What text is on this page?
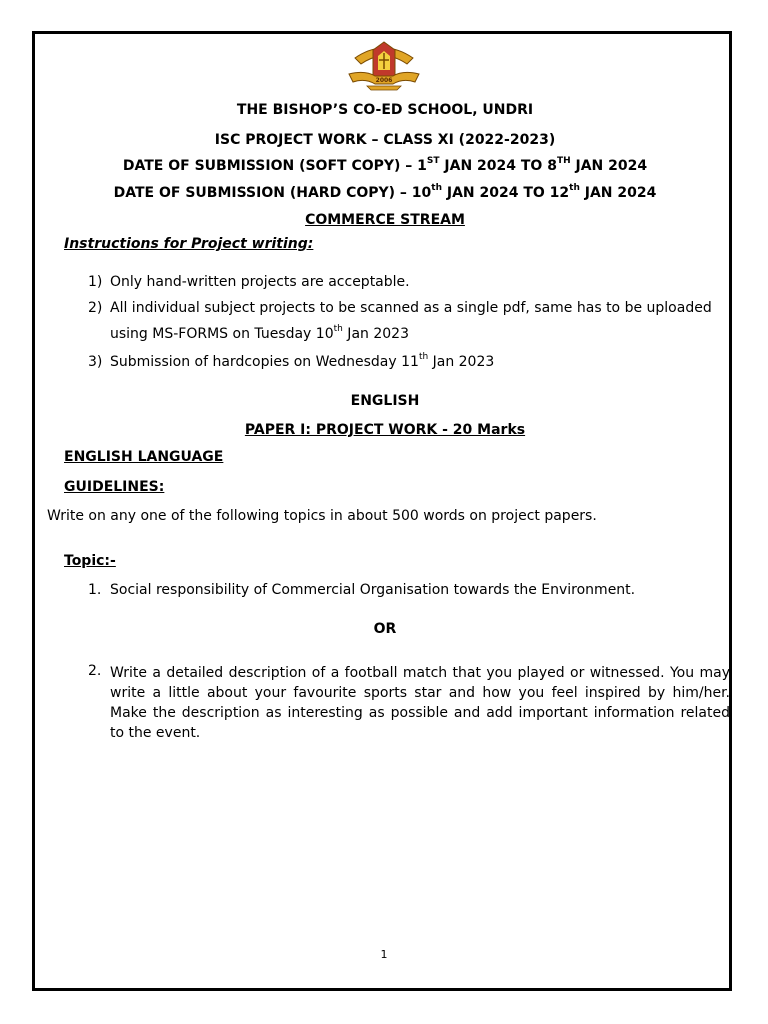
2006
THE BISHOP’S CO-ED SCHOOL, UNDRI
ISC PROJECT WORK – CLASS XI (2022-2023)
DATE OF SUBMISSION (SOFT COPY) – 1ST JAN 2024 TO 8TH JAN 2024
DATE OF SUBMISSION (HARD COPY) – 10th JAN 2024 TO 12th JAN 2024
COMMERCE STREAM
Instructions for Project writing:
1) Only hand-written projects are acceptable.
2) All individual subject projects to be scanned as a single pdf, same has to be uploaded
using MS-FORMS on Tuesday 10th Jan 2023
3) Submission of hardcopies on Wednesday 11th Jan 2023
ENGLISH
PAPER I: PROJECT WORK - 20 Marks
ENGLISH LANGUAGE
GUIDELINES:
Write on any one of the following topics in about 500 words on project papers.
Topic:-
1. Social responsibility of Commercial Organisation towards the Environment.
OR
2. Write a detailed description of a football match that you played or witnessed. You may write a little about your favourite sports star and how you feel inspired by him/her. Make the description as interesting as possible and add important information related to the event.
1
